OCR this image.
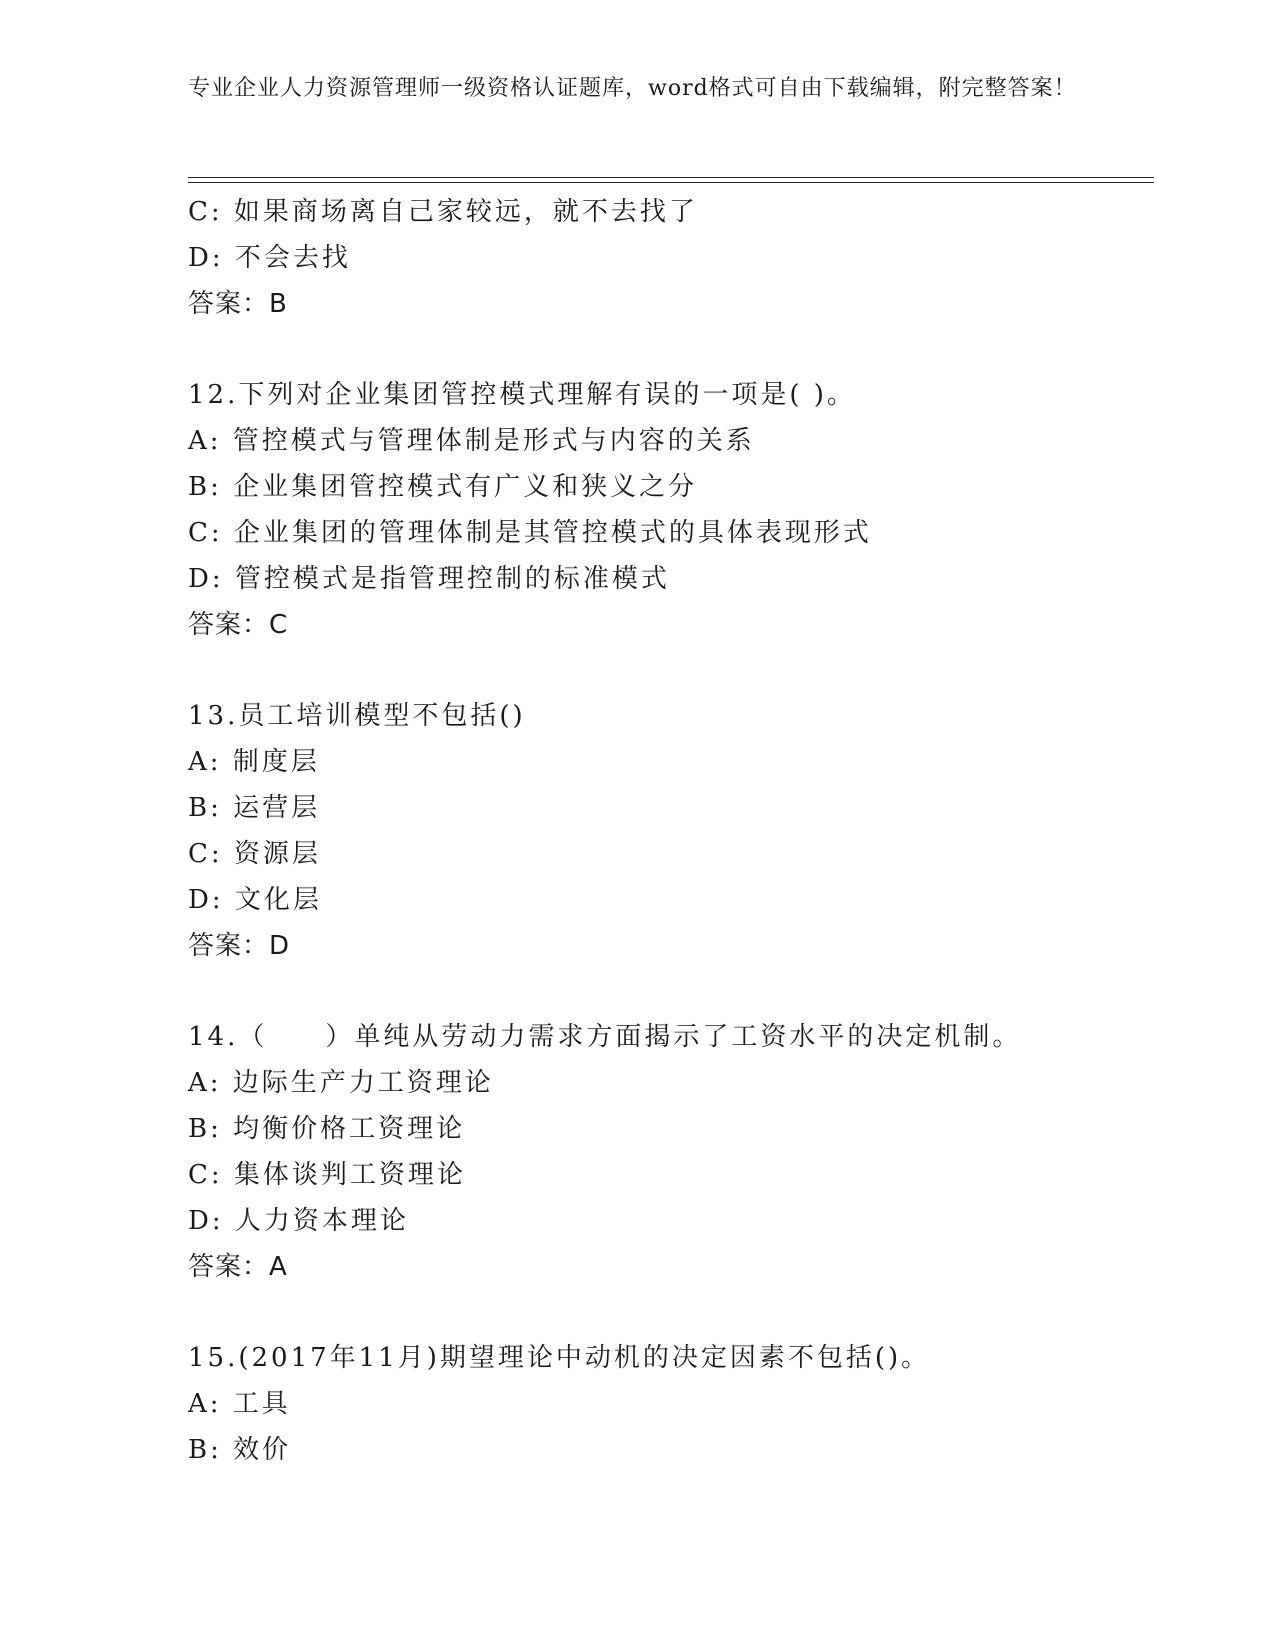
专业企业人力资源管理师一级资格认证题库，word格式可自由下载编辑，附完整答案！
C: 如果商场离自己家较远，就不去找了
D: 不会去找
答案：B
12.下列对企业集团管控模式理解有误的一项是( )。
A: 管控模式与管理体制是形式与内容的关系
B: 企业集团管控模式有广义和狭义之分
C: 企业集团的管理体制是其管控模式的具体表现形式
D: 管控模式是指管理控制的标准模式
答案：C
13.员工培训模型不包括()
A: 制度层
B: 运营层
C: 资源层
D: 文化层
答案：D
14.（　　）单纯从劳动力需求方面揭示了工资水平的决定机制。
A: 边际生产力工资理论
B: 均衡价格工资理论
C: 集体谈判工资理论
D: 人力资本理论
答案：A
15.(2017年11月)期望理论中动机的决定因素不包括()。
A: 工具
B: 效价
